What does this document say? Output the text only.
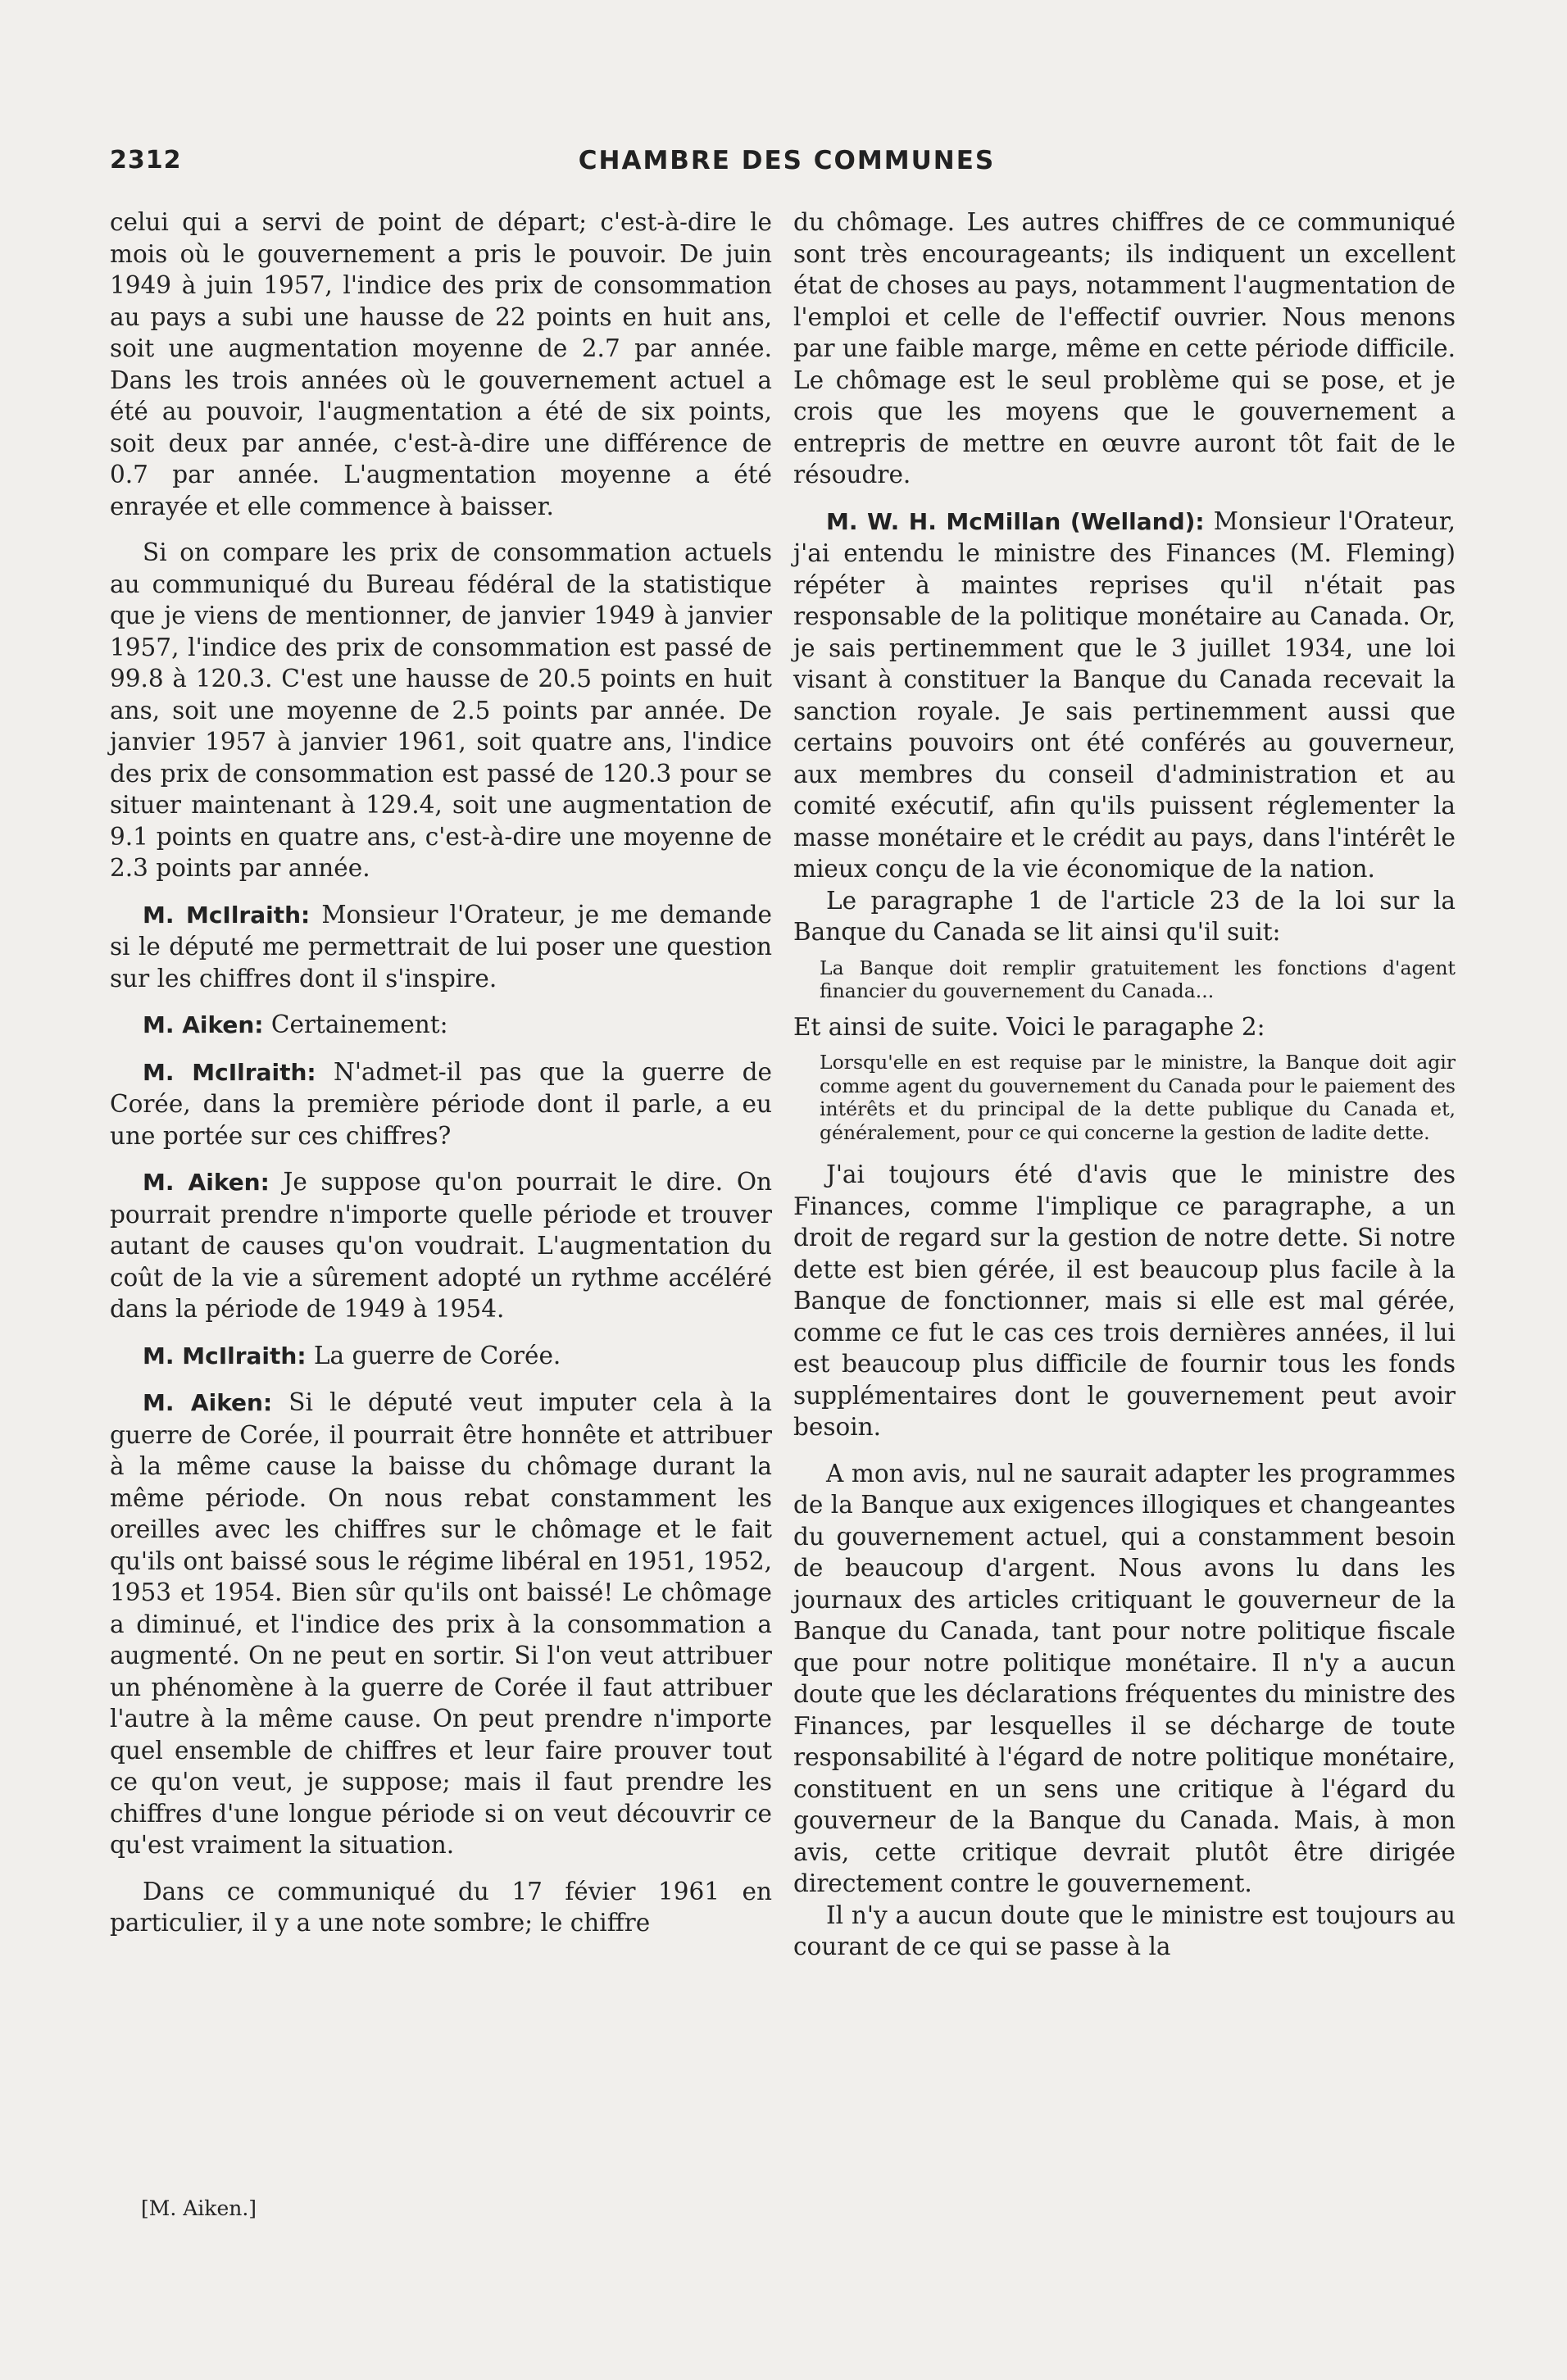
2312	CHAMBRE DES COMMUNES

celui qui a servi de point de départ; c'est-à-dire le mois où le gouvernement a pris le pouvoir. De juin 1949 à juin 1957, l'indice des prix de consommation au pays a subi une hausse de 22 points en huit ans, soit une augmentation moyenne de 2.7 par année. Dans les trois années où le gouvernement actuel a été au pouvoir, l'augmentation a été de six points, soit deux par année, c'est-à-dire une différence de 0.7 par année. L'augmentation moyenne a été enrayée et elle commence à baisser.

Si on compare les prix de consommation actuels au communiqué du Bureau fédéral de la statistique que je viens de mentionner, de janvier 1949 à janvier 1957, l'indice des prix de consommation est passé de 99.8 à 120.3. C'est une hausse de 20.5 points en huit ans, soit une moyenne de 2.5 points par année. De janvier 1957 à janvier 1961, soit quatre ans, l'indice des prix de consommation est passé de 120.3 pour se situer maintenant à 129.4, soit une augmentation de 9.1 points en quatre ans, c'est-à-dire une moyenne de 2.3 points par année.

M. McIlraith: Monsieur l'Orateur, je me demande si le député me permettrait de lui poser une question sur les chiffres dont il s'inspire.

M. Aiken: Certainement:

M. McIlraith: N'admet-il pas que la guerre de Corée, dans la première période dont il parle, a eu une portée sur ces chiffres?

M. Aiken: Je suppose qu'on pourrait le dire. On pourrait prendre n'importe quelle période et trouver autant de causes qu'on voudrait. L'augmentation du coût de la vie a sûrement adopté un rythme accéléré dans la période de 1949 à 1954.

M. McIlraith: La guerre de Corée.

M. Aiken: Si le député veut imputer cela à la guerre de Corée, il pourrait être honnête et attribuer à la même cause la baisse du chômage durant la même période. On nous rebat constamment les oreilles avec les chiffres sur le chômage et le fait qu'ils ont baissé sous le régime libéral en 1951, 1952, 1953 et 1954. Bien sûr qu'ils ont baissé! Le chômage a diminué, et l'indice des prix à la consommation a augmenté. On ne peut en sortir. Si l'on veut attribuer un phénomène à la guerre de Corée il faut attribuer l'autre à la même cause. On peut prendre n'importe quel ensemble de chiffres et leur faire prouver tout ce qu'on veut, je suppose; mais il faut prendre les chiffres d'une longue période si on veut découvrir ce qu'est vraiment la situation.

Dans ce communiqué du 17 févier 1961 en particulier, il y a une note sombre; le chiffre

du chômage. Les autres chiffres de ce communiqué sont très encourageants; ils indiquent un excellent état de choses au pays, notamment l'augmentation de l'emploi et celle de l'effectif ouvrier. Nous menons par une faible marge, même en cette période difficile. Le chômage est le seul problème qui se pose, et je crois que les moyens que le gouvernement a entrepris de mettre en œuvre auront tôt fait de le résoudre.

M. W. H. McMillan (Welland): Monsieur l'Orateur, j'ai entendu le ministre des Finances (M. Fleming) répéter à maintes reprises qu'il n'était pas responsable de la politique monétaire au Canada. Or, je sais pertinemment que le 3 juillet 1934, une loi visant à constituer la Banque du Canada recevait la sanction royale. Je sais pertinemment aussi que certains pouvoirs ont été conférés au gouverneur, aux membres du conseil d'administration et au comité exécutif, afin qu'ils puissent réglementer la masse monétaire et le crédit au pays, dans l'intérêt le mieux conçu de la vie économique de la nation.

Le paragraphe 1 de l'article 23 de la loi sur la Banque du Canada se lit ainsi qu'il suit:

La Banque doit remplir gratuitement les fonctions d'agent financier du gouvernement du Canada...

Et ainsi de suite. Voici le paragaphe 2:

Lorsqu'elle en est requise par le ministre, la Banque doit agir comme agent du gouvernement du Canada pour le paiement des intérêts et du principal de la dette publique du Canada et, généralement, pour ce qui concerne la gestion de ladite dette.

J'ai toujours été d'avis que le ministre des Finances, comme l'implique ce paragraphe, a un droit de regard sur la gestion de notre dette. Si notre dette est bien gérée, il est beaucoup plus facile à la Banque de fonctionner, mais si elle est mal gérée, comme ce fut le cas ces trois dernières années, il lui est beaucoup plus difficile de fournir tous les fonds supplémentaires dont le gouvernement peut avoir besoin.

A mon avis, nul ne saurait adapter les programmes de la Banque aux exigences illogiques et changeantes du gouvernement actuel, qui a constamment besoin de beaucoup d'argent. Nous avons lu dans les journaux des articles critiquant le gouverneur de la Banque du Canada, tant pour notre politique fiscale que pour notre politique monétaire. Il n'y a aucun doute que les déclarations fréquentes du ministre des Finances, par lesquelles il se décharge de toute responsabilité à l'égard de notre politique monétaire, constituent en un sens une critique à l'égard du gouverneur de la Banque du Canada. Mais, à mon avis, cette critique devrait plutôt être dirigée directement contre le gouvernement.

Il n'y a aucun doute que le ministre est toujours au courant de ce qui se passe à la

[M. Aiken.]
